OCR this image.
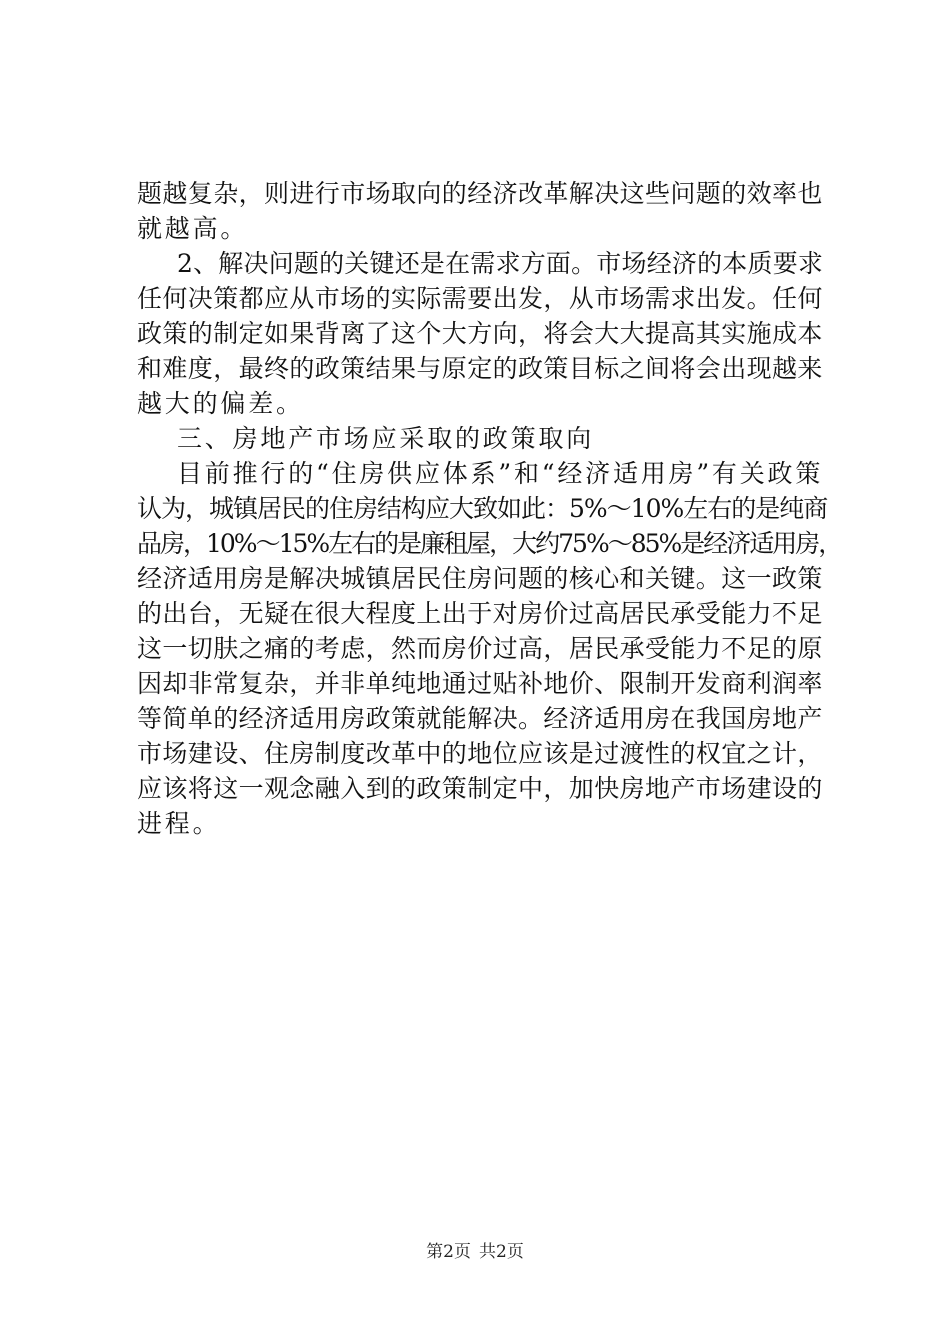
题越复杂，则进行市场取向的经济改革解决这些问题的效率也
就越高。
2、解决问题的关键还是在需求方面。市场经济的本质要求
任何决策都应从市场的实际需要出发，从市场需求出发。任何
政策的制定如果背离了这个大方向，将会大大提高其实施成本
和难度，最终的政策结果与原定的政策目标之间将会出现越来
越大的偏差。
三、房地产市场应采取的政策取向
目前推行的“住房供应体系”和“经济适用房”有关政策
认为，城镇居民的住房结构应大致如此：5%～10%左右的是纯商
品房，10%～15%左右的是廉租屋，大约75%～85%是经济适用房，
经济适用房是解决城镇居民住房问题的核心和关键。这一政策
的出台，无疑在很大程度上出于对房价过高居民承受能力不足
这一切肤之痛的考虑，然而房价过高，居民承受能力不足的原
因却非常复杂，并非单纯地通过贴补地价、限制开发商利润率
等简单的经济适用房政策就能解决。经济适用房在我国房地产
市场建设、住房制度改革中的地位应该是过渡性的权宜之计，
应该将这一观念融入到的政策制定中，加快房地产市场建设的
进程。
第2页 共2页
